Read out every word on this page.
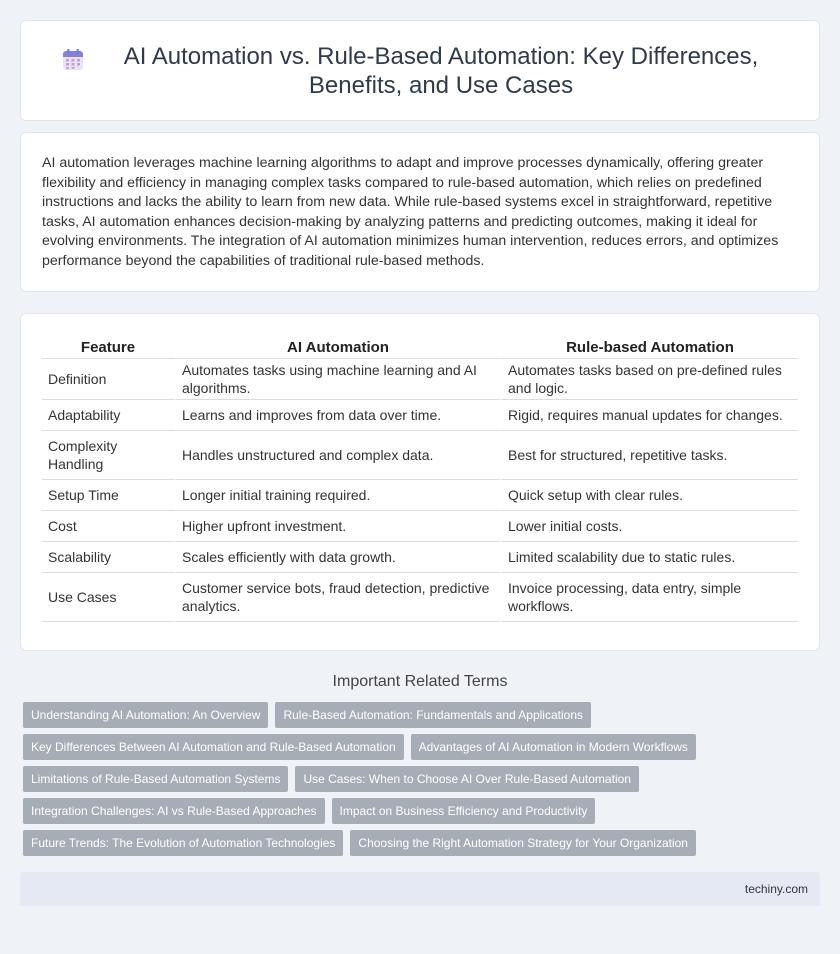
AI Automation vs. Rule-Based Automation: Key Differences, Benefits, and Use Cases

AI automation leverages machine learning algorithms to adapt and improve processes dynamically, offering greater flexibility and efficiency in managing complex tasks compared to rule-based automation, which relies on predefined instructions and lacks the ability to learn from new data. While rule-based systems excel in straightforward, repetitive tasks, AI automation enhances decision-making by analyzing patterns and predicting outcomes, making it ideal for evolving environments. The integration of AI automation minimizes human intervention, reduces errors, and optimizes performance beyond the capabilities of traditional rule-based methods.

Feature	AI Automation	Rule-based Automation
Definition	Automates tasks using machine learning and AI algorithms.	Automates tasks based on pre-defined rules and logic.
Adaptability	Learns and improves from data over time.	Rigid, requires manual updates for changes.
Complexity Handling	Handles unstructured and complex data.	Best for structured, repetitive tasks.
Setup Time	Longer initial training required.	Quick setup with clear rules.
Cost	Higher upfront investment.	Lower initial costs.
Scalability	Scales efficiently with data growth.	Limited scalability due to static rules.
Use Cases	Customer service bots, fraud detection, predictive analytics.	Invoice processing, data entry, simple workflows.
Important Related Terms
Understanding AI Automation: An Overview Rule-Based Automation: Fundamentals and Applications
Key Differences Between AI Automation and Rule-Based Automation Advantages of AI Automation in Modern Workflows
Limitations of Rule-Based Automation Systems Use Cases: When to Choose AI Over Rule-Based Automation
Integration Challenges: AI vs Rule-Based Approaches Impact on Business Efficiency and Productivity
Future Trends: The Evolution of Automation Technologies Choosing the Right Automation Strategy for Your Organization
techiny.com
